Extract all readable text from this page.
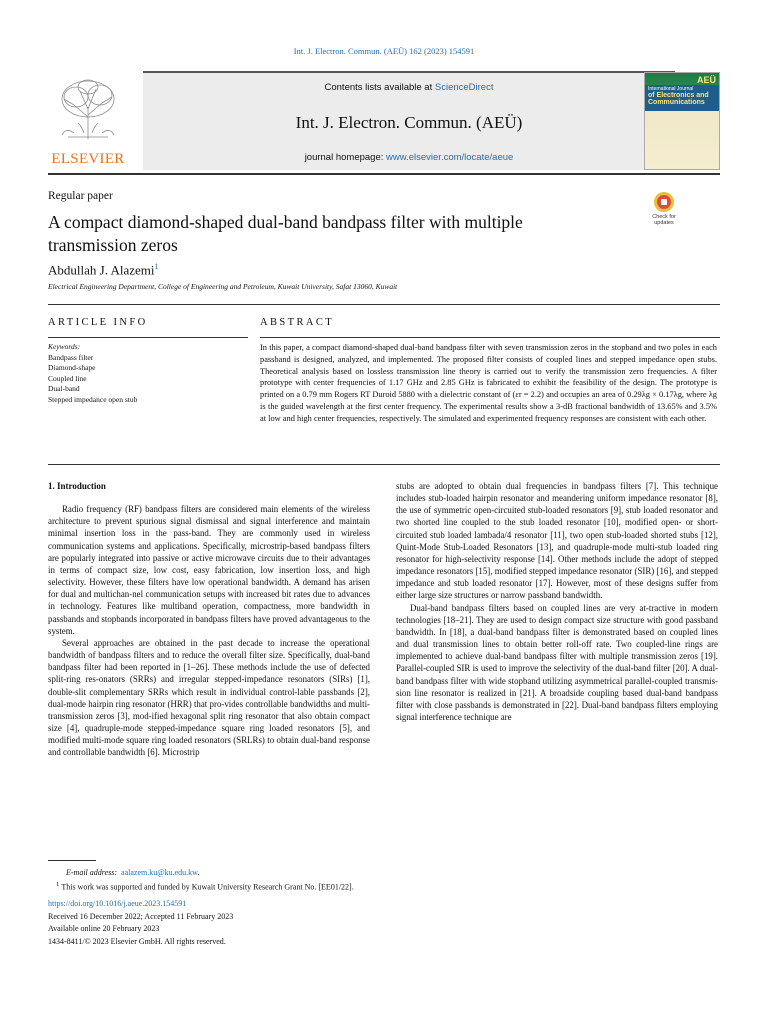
Int. J. Electron. Commun. (AEÜ) 162 (2023) 154591
ELSEVIER
Contents lists available at ScienceDirect
Int. J. Electron. Commun. (AEÜ)
journal homepage: www.elsevier.com/locate/aeue
AEÜ
International Journal
of Electronics and
Communications
Regular paper
A compact diamond-shaped dual-band bandpass filter with multiple transmission zeros
Check for
updates
Abdullah J. Alazemi$^1$
Electrical Engineering Department, College of Engineering and Petroleum, Kuwait University, Safat 13060, Kuwait
ARTICLE INFO	ABSTRACT
Keywords:
Bandpass filter
Diamond-shape
Coupled line
Dual-band
Stepped impedance open stub
In this paper, a compact diamond-shaped dual-band bandpass filter with seven transmission zeros in the stopband and two poles in each passband is designed, analyzed, and implemented. The proposed filter consists of coupled lines and stepped impedance open stubs. Theoretical analysis based on lossless transmission line theory is carried out to verify the transmission zero frequencies. A filter prototype with center frequencies of 1.17 GHz and 2.85 GHz is fabricated to exhibit the feasibility of the design. The prototype is printed on a 0.79 mm Rogers RT Duroid 5880 with a dielectric constant of (εr = 2.2) and occupies an area of 0.29λg × 0.17λg, where λg is the guided wavelength at the first center frequency. The experimental results show a 3-dB fractional bandwidth of 13.65% and 3.5% at low and high center frequencies, respectively. The simulated and experimented frequency responses are consistent with each other.
1. Introduction

Radio frequency (RF) bandpass filters are considered main elements of the wireless architecture to prevent spurious signal dismissal and signal interference and maintain minimal insertion loss in the pass-band. They are commonly used in wireless communication systems and applications. Specifically, microstrip-based bandpass filters are popularly integrated into passive or active microwave circuits due to their advantages in terms of compact size, low cost, easy fabrication, low insertion loss, and high selectivity. However, these filters have low operational bandwidth. A demand has arisen for dual and multichan-nel communication setups with increased bit rates due to advances in technology. Features like multiband operation, compactness, more bandwidth in passbands and stopbands incorporated in bandpass filters have proved advantageous to the system.

Several approaches are obtained in the past decade to increase the operational bandwidth of bandpass filters and to reduce the overall filter size. Specifically, dual-band bandpass filter had been reported in [1–26]. These methods include the use of defected split-ring res-onators (SRRs) and irregular stepped-impedance resonators (SIRs) [1], double-slit complementary SRRs which result in individual control-lable passbands [2], dual-mode hairpin ring resonator (HRR) that pro-vides controllable bandwidths and multi-transmission zeros [3], mod-ified hexagonal split ring resonator that also obtain compact size [4], quadruple-mode stepped-impedance square ring loaded resonators [5], and modified multi-mode square ring loaded resonators (SRLRs) to obtain dual-band response and controllable bandwidth [6]. Microstrip

stubs are adopted to obtain dual frequencies in bandpass filters [7]. This technique includes stub-loaded hairpin resonator and meandering uniform impedance resonator [8], the use of symmetric open-circuited stub-loaded resonators [9], stub loaded resonator and two shorted line coupled to the stub loaded resonator [10], modified open- or short-circuited stub loaded lambada/4 resonator [11], two open stub-loaded shorted stubs [12], Quint-Mode Stub-Loaded Resonators [13], and quadruple-mode multi-stub loaded ring resonator for high-selectivity response [14]. Other methods include the adopt of stepped impedance resonators [15], modified stepped impedance resonator (SIR) [16], and stepped impedance and stub loaded resonator [17]. However, most of these designs suffer from either large size structures or narrow passband bandwidth.

Dual-band bandpass filters based on coupled lines are very at-tractive in modern technologies [18–21]. They are used to design compact size structure with good passband bandwidth. In [18], a dual-band bandpass filter is demonstrated based on coupled lines and dual transmission lines to obtain better roll-off rate. Two coupled-line rings are implemented to achieve dual-band bandpass filter with multiple transmission zeros [19]. Parallel-coupled SIR is used to improve the selectivity of the dual-band filter [20]. A dual-band bandpass filter with wide stopband utilizing asymmetrical parallel-coupled transmis-sion line resonator is realized in [21]. A broadside coupling based dual-band bandpass filter with close passbands is demonstrated in [22]. Dual-band bandpass filters employing signal interference technique are

E-mail address: aalazem.ku@ku.edu.kw.
$^1$ This work was supported and funded by Kuwait University Research Grant No. [EE01/22].
https://doi.org/10.1016/j.aeue.2023.154591
Received 16 December 2022; Accepted 11 February 2023
Available online 20 February 2023
1434-8411/© 2023 Elsevier GmbH. All rights reserved.
